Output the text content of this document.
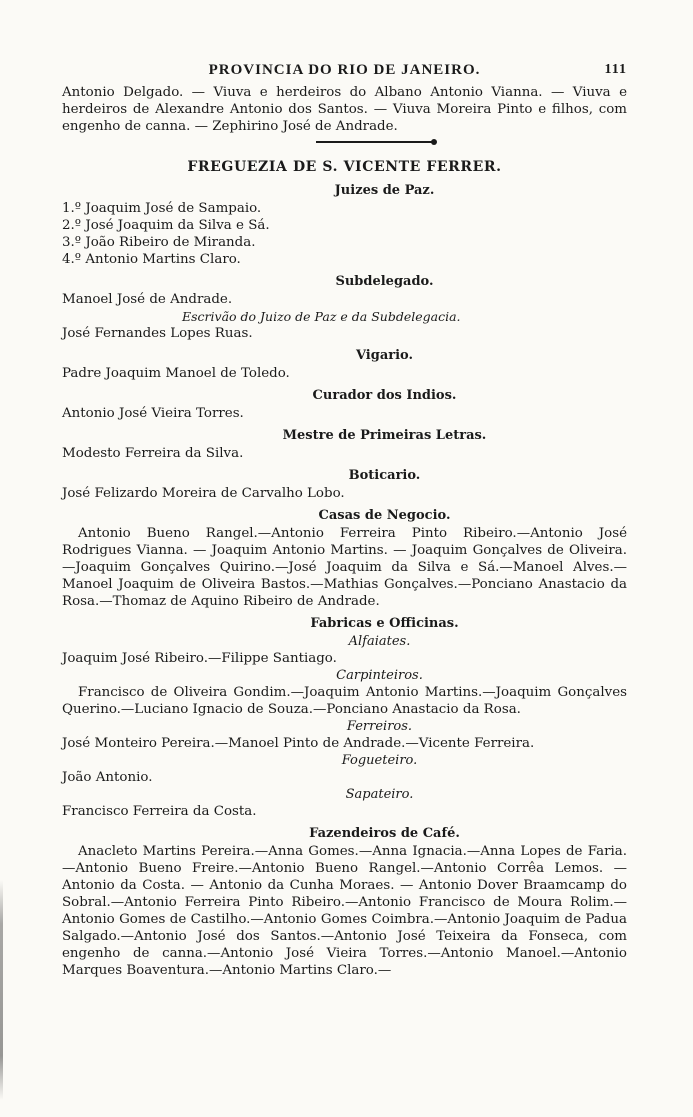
PROVINCIA DO RIO DE JANEIRO.	111

Antonio Delgado. — Viuva e herdeiros do Albano Antonio Vianna. — Viuva e herdeiros de Alexandre Antonio dos Santos. — Viuva Moreira Pinto e filhos, com engenho de canna. — Zephirino José de Andrade.

FREGUEZIA DE S. VICENTE FERRER.
Juizes de Paz.

1.º Joaquim José de Sampaio.

2.º José Joaquim da Silva e Sá.

3.º João Ribeiro de Miranda.

4.º Antonio Martins Claro.

Subdelegado.

Manoel José de Andrade.

Escrivão do Juizo de Paz e da Subdelegacia.

José Fernandes Lopes Ruas.

Vigario.

Padre Joaquim Manoel de Toledo.

Curador dos Indios.

Antonio José Vieira Torres.

Mestre de Primeiras Letras.

Modesto Ferreira da Silva.

Boticario.

José Felizardo Moreira de Carvalho Lobo.

Casas de Negocio.

Antonio Bueno Rangel.—Antonio Ferreira Pinto Ribeiro.—Antonio José Rodrigues Vianna. — Joaquim Antonio Martins. — Joaquim Gonçalves de Oliveira.—Joaquim Gonçalves Quirino.—José Joaquim da Silva e Sá.—Manoel Alves.—Manoel Joaquim de Oliveira Bastos.—Mathias Gonçalves.—Ponciano Anastacio da Rosa.—Thomaz de Aquino Ribeiro de Andrade.

Fabricas e Officinas.
Alfaiates.

Joaquim José Ribeiro.—Filippe Santiago.

Carpinteiros.

Francisco de Oliveira Gondim.—Joaquim Antonio Martins.—Joaquim Gonçalves Querino.—Luciano Ignacio de Souza.—Ponciano Anastacio da Rosa.

Ferreiros.

José Monteiro Pereira.—Manoel Pinto de Andrade.—Vicente Ferreira.

Fogueteiro.

João Antonio.

Sapateiro.

Francisco Ferreira da Costa.

Fazendeiros de Café.

Anacleto Martins Pereira.—Anna Gomes.—Anna Ignacia.—Anna Lopes de Faria.—Antonio Bueno Freire.—Antonio Bueno Rangel.—Antonio Corrêa Lemos. — Antonio da Costa. — Antonio da Cunha Moraes. — Antonio Dover Braamcamp do Sobral.—Antonio Ferreira Pinto Ribeiro.—Antonio Francisco de Moura Rolim.—Antonio Gomes de Castilho.—Antonio Gomes Coimbra.—Antonio Joaquim de Padua Salgado.—Antonio José dos Santos.—Antonio José Teixeira da Fonseca, com engenho de canna.—Antonio José Vieira Torres.—Antonio Manoel.—Antonio Marques Boaventura.—Antonio Martins Claro.—
